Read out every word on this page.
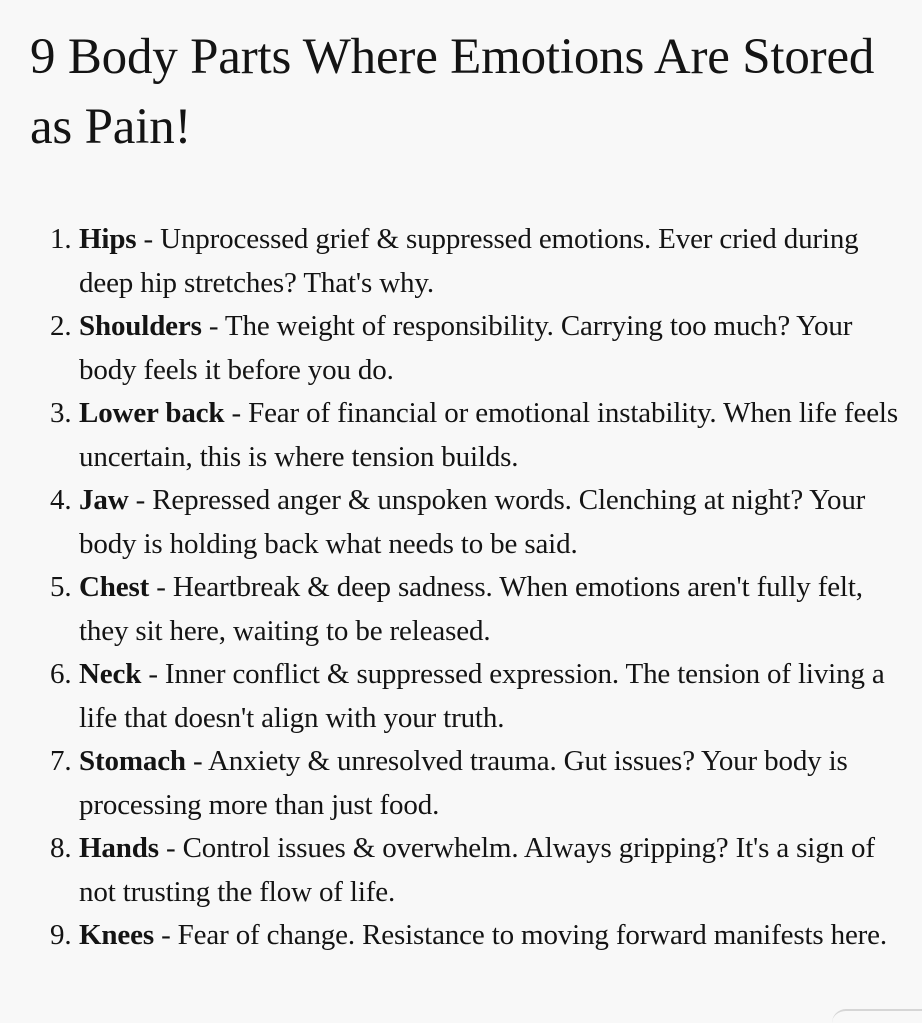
9 Body Parts Where Emotions Are Stored as Pain!
1. Hips - Unprocessed grief & suppressed emotions. Ever cried during deep hip stretches? That's why.
2. Shoulders - The weight of responsibility. Carrying too much? Your body feels it before you do.
3. Lower back - Fear of financial or emotional instability. When life feels uncertain, this is where tension builds.
4. Jaw - Repressed anger & unspoken words. Clenching at night? Your body is holding back what needs to be said.
5. Chest - Heartbreak & deep sadness. When emotions aren't fully felt, they sit here, waiting to be released.
6. Neck - Inner conflict & suppressed expression. The tension of living a life that doesn't align with your truth.
7. Stomach - Anxiety & unresolved trauma. Gut issues? Your body is processing more than just food.
8. Hands - Control issues & overwhelm. Always gripping? It's a sign of not trusting the flow of life.
9. Knees - Fear of change. Resistance to moving forward manifests here.
